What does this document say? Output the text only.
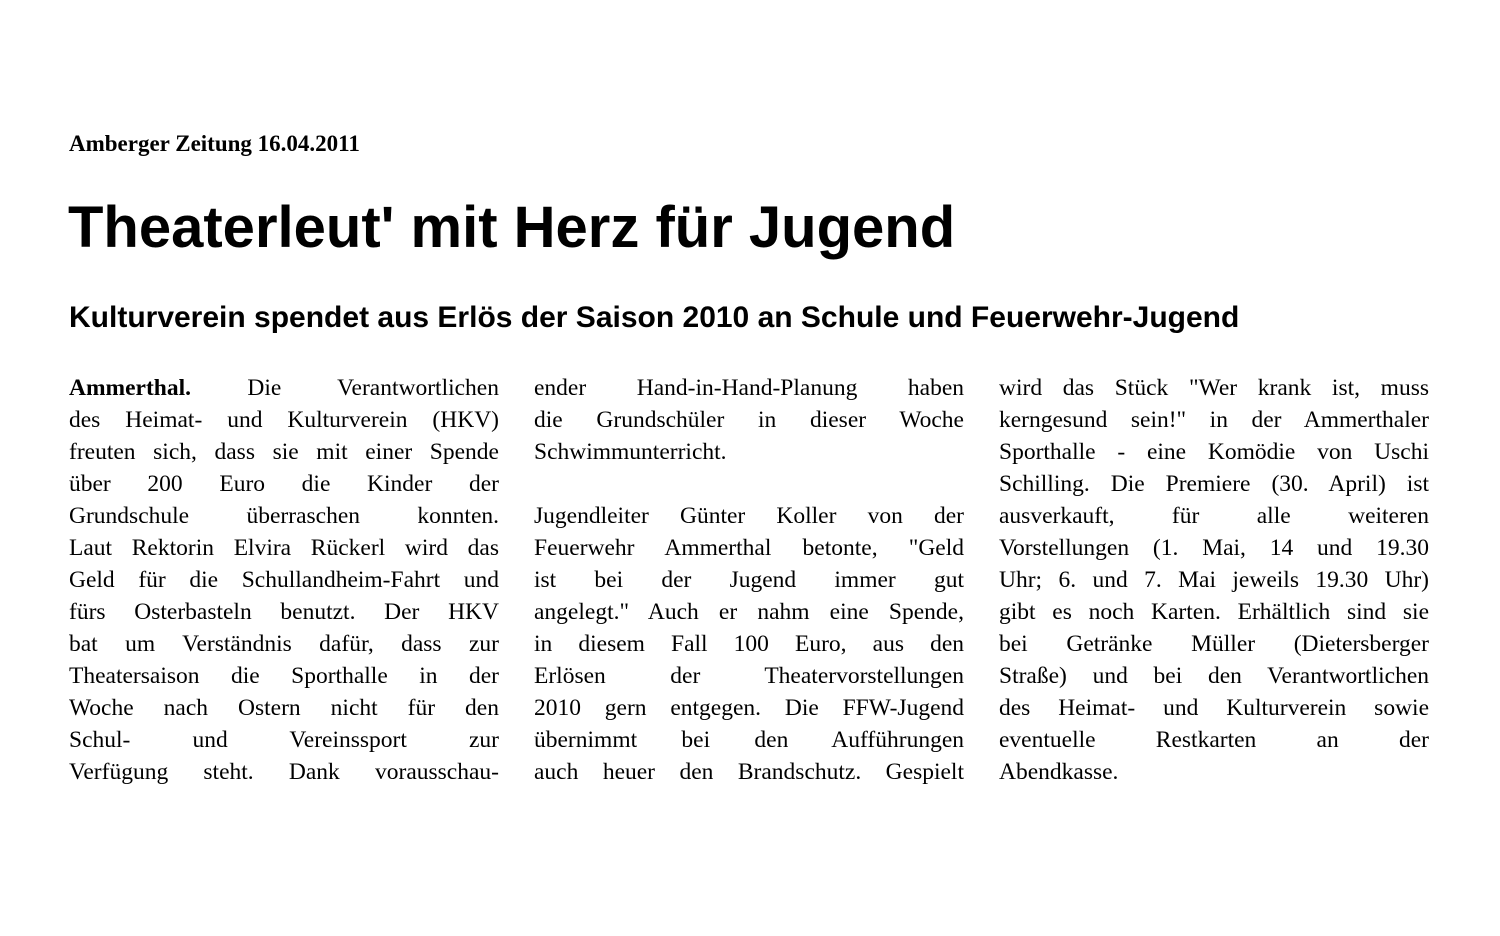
Amberger Zeitung 16.04.2011
Theaterleut' mit Herz für Jugend
Kulturverein spendet aus Erlös der Saison 2010 an Schule und Feuerwehr-Jugend
Ammerthal. Die Verantwortlichen
des Heimat- und Kulturverein (HKV)
freuten sich, dass sie mit einer Spende
über 200 Euro die Kinder der
Grundschule überraschen konnten.
Laut Rektorin Elvira Rückerl wird das
Geld für die Schullandheim-Fahrt und
fürs Osterbasteln benutzt. Der HKV
bat um Verständnis dafür, dass zur
Theatersaison die Sporthalle in der
Woche nach Ostern nicht für den
Schul- und Vereinssport zur
Verfügung steht. Dank vorausschau-
ender Hand-in-Hand-Planung haben
die Grundschüler in dieser Woche
Schwimmunterricht.
Jugendleiter Günter Koller von der
Feuerwehr Ammerthal betonte, "Geld
ist bei der Jugend immer gut
angelegt." Auch er nahm eine Spende,
in diesem Fall 100 Euro, aus den
Erlösen der Theatervorstellungen
2010 gern entgegen. Die FFW-Jugend
übernimmt bei den Aufführungen
auch heuer den Brandschutz. Gespielt
wird das Stück "Wer krank ist, muss
kerngesund sein!" in der Ammerthaler
Sporthalle - eine Komödie von Uschi
Schilling. Die Premiere (30. April) ist
ausverkauft, für alle weiteren
Vorstellungen (1. Mai, 14 und 19.30
Uhr; 6. und 7. Mai jeweils 19.30 Uhr)
gibt es noch Karten. Erhältlich sind sie
bei Getränke Müller (Dietersberger
Straße) und bei den Verantwortlichen
des Heimat- und Kulturverein sowie
eventuelle Restkarten an der
Abendkasse.
